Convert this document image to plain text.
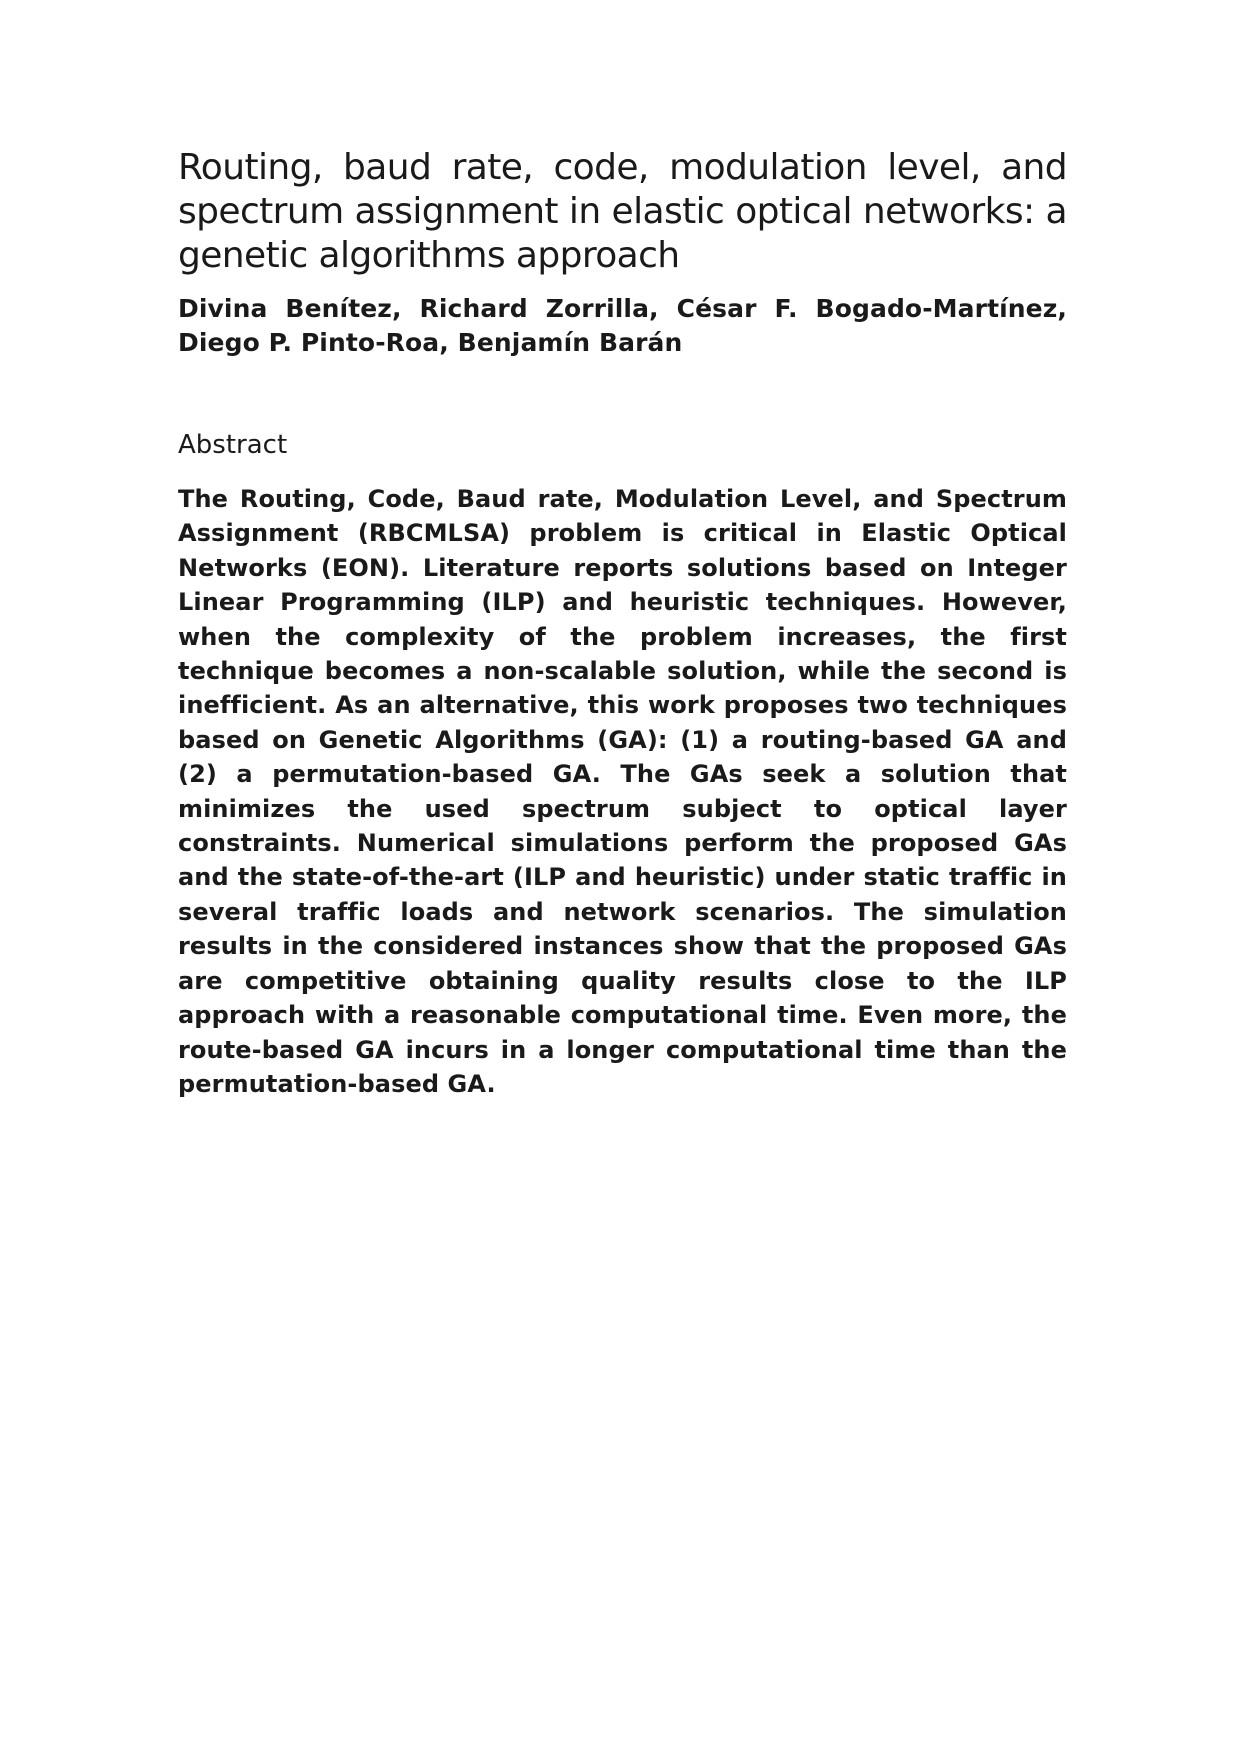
Routing, baud rate, code, modulation level, and spectrum assignment in elastic optical networks: a genetic algorithms approach

Divina Benítez, Richard Zorrilla, César F. Bogado-Martínez, Diego P. Pinto-Roa, Benjamín Barán

Abstract

The Routing, Code, Baud rate, Modulation Level, and Spectrum Assignment (RBCMLSA) problem is critical in Elastic Optical Networks (EON). Literature reports solutions based on Integer Linear Programming (ILP) and heuristic techniques. However, when the complexity of the problem increases, the first technique becomes a non-scalable solution, while the second is inefficient. As an alternative, this work proposes two techniques based on Genetic Algorithms (GA): (1) a routing-based GA and (2) a permutation-based GA. The GAs seek a solution that minimizes the used spectrum subject to optical layer constraints. Numerical simulations perform the proposed GAs and the state-of-the-art (ILP and heuristic) under static traffic in several traffic loads and network scenarios. The simulation results in the considered instances show that the proposed GAs are competitive obtaining quality results close to the ILP approach with a reasonable computational time. Even more, the route-based GA incurs in a longer computational time than the permutation-based GA.
